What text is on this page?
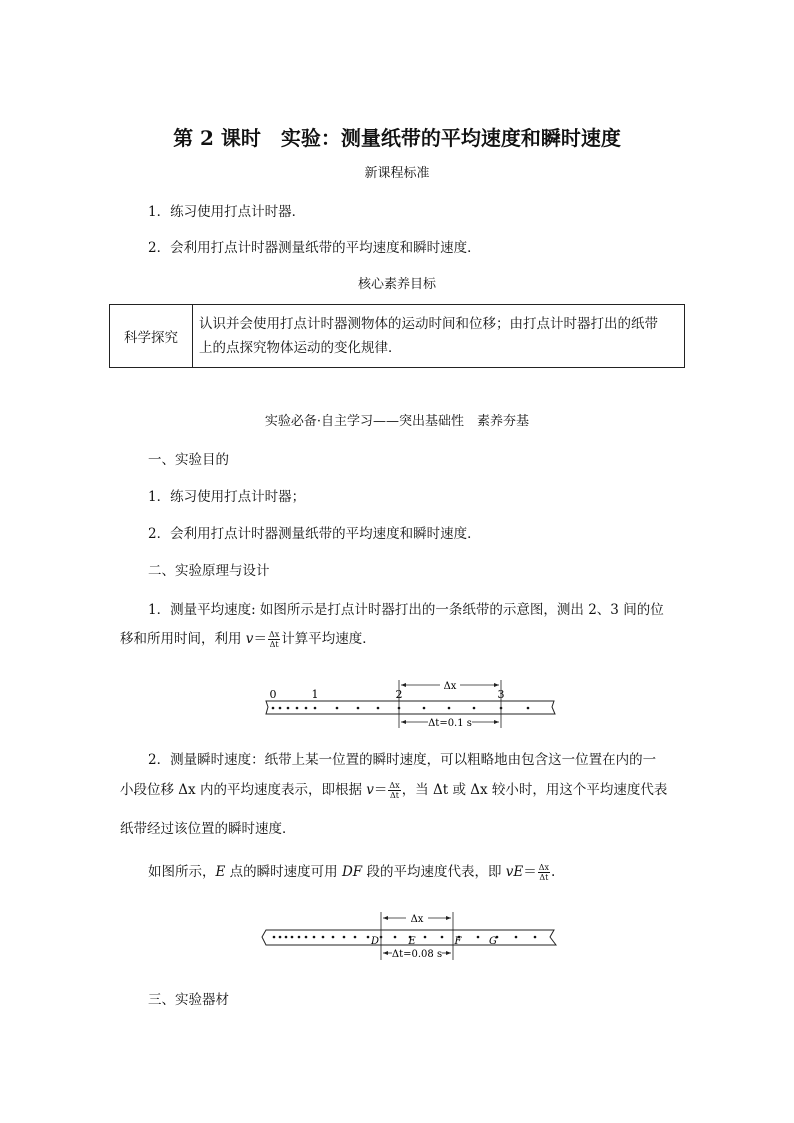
第 2 课时　实验：测量纸带的平均速度和瞬时速度
新课程标准
1．练习使用打点计时器．
2．会利用打点计时器测量纸带的平均速度和瞬时速度．
核心素养目标
科学探究	
认识并会使用打点计时器测物体的运动时间和位移；由打点计时器打出的纸带
上的点探究物体运动的变化规律．
实验必备·自主学习——突出基础性　素养夯基
一、实验目的
1．练习使用打点计时器；
2．会利用打点计时器测量纸带的平均速度和瞬时速度．
二、实验原理与设计
1．测量平均速度: 如图所示是打点计时器打出的一条纸带的示意图，测出 2、3 间的位
移和所用时间，利用 $v= \frac{\Delta x}{\Delta t}$ 计算平均速度．
0	1	2	3
Δx
Δt=0.1 s
2．测量瞬时速度：纸带上某一位置的瞬时速度，可以粗略地由包含这一位置在内的一
小段位移 Δx 内的平均速度表示，即根据 $v= \frac{\Delta x}{\Delta t}$ ，当 Δt 或 Δx 较小时，用这个平均速度代表
纸带经过该位置的瞬时速度．
如图所示，E 点的瞬时速度可用 DF 段的平均速度代表，即 $vE= \frac{\Delta x}{\Delta t}$ .
D	E	F	G
Δx
Δt=0.08 s
三、实验器材
